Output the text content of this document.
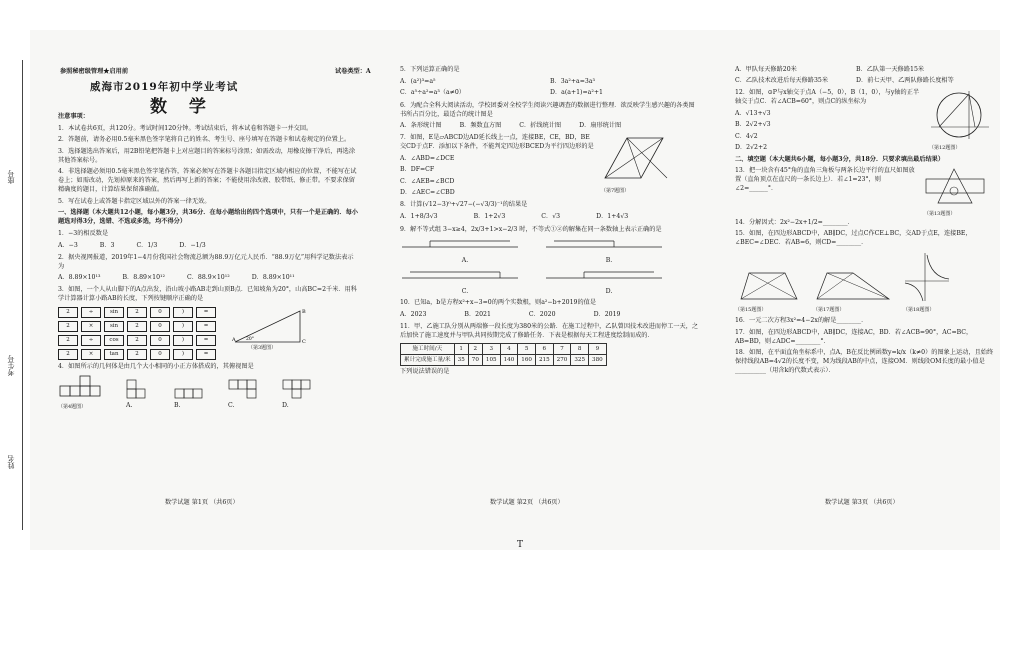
座号
考生号
姓名
参照秘密级管理★启用前	试卷类型：A
威海市2019年初中学业考试
数 学

注意事项：

1．本试卷共6页，共120分。考试时间120分钟。考试结束后，将本试卷和答题卡一并交回。

2．答题前，请务必用0.5毫米黑色签字笔将自己的姓名、考生号、座号填写在答题卡和试卷规定的位置上。

3．选择题选出答案后，用2B铅笔把答题卡上对应题目的答案标号涂黑；如需改动，用橡皮擦干净后，再选涂其他答案标号。

4．非选择题必须用0.5毫米黑色签字笔作答，答案必须写在答题卡各题目指定区域内相应的位置，不能写在试卷上；如需改动，先划掉原来的答案，然后再写上新的答案；不能使用涂改液、胶带纸、修正带。不要求保留精确度的题目，计算结果保留准确值。

5．写在试卷上或答题卡指定区域以外的答案一律无效。

一、选择题（本大题共12小题，每小题3分，共36分．在每小题给出的四个选项中，只有一个是正确的．每小题选对得3分，选错、不选或多选，均不得分）

1．−3的相反数是

A．−3	B．3	C．1/3	D．−1/3

2．据央视网报道，2019年1−4月份我国社会物流总额为88.9万亿元人民币．“88.9万亿”用科学记数法表示为

A．8.89×10¹³	B．8.89×10¹²	C．88.9×10¹²	D．8.89×10¹¹

3．如图，一个人从山脚下的A点出发，沿山坡小路AB走到山顶B点．已知坡角为20°，山高BC=2千米．用科学计算器计算小路AB的长度，下列按键顺序正确的是

2	÷	sin	2	0	)	=
2	×	sin	2	0	)	=
2	÷	cos	2	0	)	=
2	×	tan	2	0	)	=
A	C
B
20°
（第3题图）

4．如图所示的几何体是由几个大小相同的小正方体搭成的，其俯视图是

（第4题图）	A.	B.	C.	D.
数学试题 第1页 （共6页）

5．下列运算正确的是

A．(a²)³=a⁵	B．3a²+a=3a³
C．a⁵÷a²=a³（a≠0）	D．a(a+1)=a²+1

6．为配合全科大阅读活动，学校团委对全校学生阅读兴趣调查的数据进行整理．欲反映学生感兴趣的各类图书所占百分比，最适合的统计图是

A．条形统计图	B．频数直方图	C．折线统计图	D．扇形统计图

7．如图，E是▱ABCD边AD延长线上一点，连接BE，CE，BD，BE交CD于点F．添加以下条件，不能判定四边形BCED为平行四边形的是

A．∠ABD=∠DCE

B．DF=CF

C．∠AEB=∠BCD

D．∠AEC=∠CBD	（第7题图）

8．计算(√12−3)⁰+√27−(−√3/3)⁻¹的结果是

A．1+8/3√3	B．1+2√3	C．√3	D．1+4√3

9．解不等式组 3−x≥4，2x/3+1>x−2/3 时，不等式①②的解集在同一条数轴上表示正确的是

A.	B.
C.	D.

10．已知a，b是方程x²+x−3=0的两个实数根，则a²−b+2019的值是

A．2023	B．2021	C．2020	D．2019

11．甲、乙施工队分别从两端修一段长度为380米的公路．在施工过程中，乙队曾因技术改进而停工一天，之后加快了施工速度并与甲队共同按期完成了修路任务．下表是根据每天工程进度绘制而成的．

施工时间/天	1	2	3	4	5	6	7	8	9
累计完成施工量/米	35	70	105	140	160	215	270	325	380

下列说法错误的是

数学试题 第2页 （共6页）
T
A．甲队每天修路20米	B．乙队第一天修路15米
C．乙队技术改进后每天修路35米	D．前七天甲、乙两队修路长度相等

12．如图，⊙P与x轴交于点A（−5，0），B（1，0），与y轴的正半轴交于点C．若∠ACB=60°，则点C的纵坐标为

A．√13+√3

B．2√2+√3

C．4√2

D．2√2+2	（第12题图）

二、填空题（本大题共6小题，每小题3分，共18分．只要求填出最后结果）

13．把一块含有45°角的直角三角板与两条长边平行的直尺如图放置（直角顶点在直尺的一条长边上）．若∠1=23°，则∠2=______°．

（第13题图）

14．分解因式：2x²−2x+1/2=________．

15．如图，在四边形ABCD中，AB∥DC，过点C作CE⊥BC，交AD于点E，连接BE，∠BEC=∠DEC．若AB=6，则CD=________．

（第15题图）	（第17题图）	（第18题图）

16．一元二次方程3x²=4−2x的解是________．

17．如图，在四边形ABCD中，AB∥DC，连接AC，BD．若∠ACB=90°，AC=BC，AB=BD，则∠ADC=________°．

18．如图，在平面直角坐标系中，点A，B在反比例函数y=k/x（k≠0）的图象上运动，且始终保持线段AB=4√2的长度不变，M为线段AB的中点，连接OM．则线段OM长度的最小值是__________（用含k的代数式表示）．

数学试题 第3页 （共6页）
